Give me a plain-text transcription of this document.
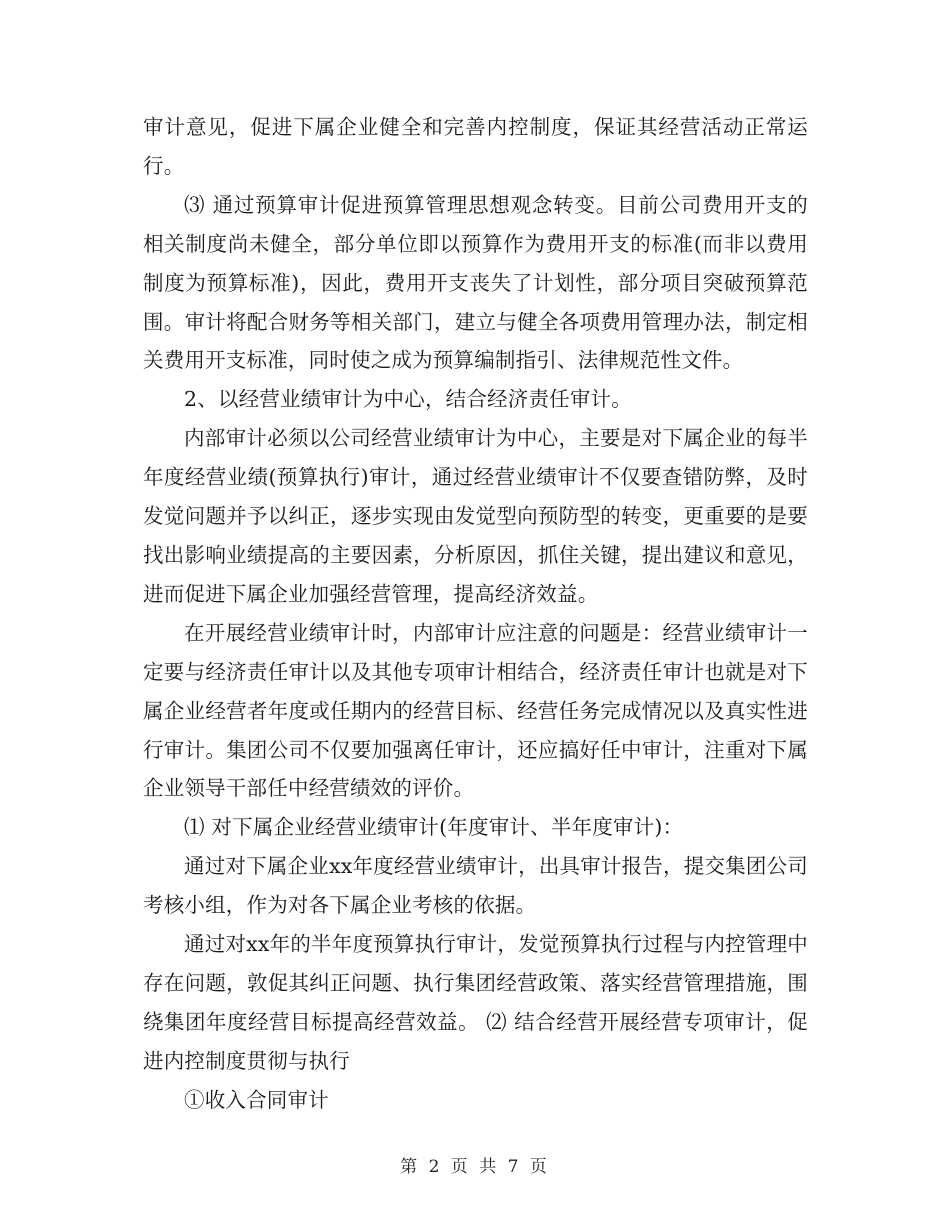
审计意见，促进下属企业健全和完善内控制度，保证其经营活动正常运行。

⑶ 通过预算审计促进预算管理思想观念转变。目前公司费用开支的相关制度尚未健全，部分单位即以预算作为费用开支的标准(而非以费用制度为预算标准)，因此，费用开支丧失了计划性，部分项目突破预算范围。审计将配合财务等相关部门，建立与健全各项费用管理办法，制定相关费用开支标准，同时使之成为预算编制指引、法律规范性文件。

2、以经营业绩审计为中心，结合经济责任审计。

内部审计必须以公司经营业绩审计为中心，主要是对下属企业的每半年度经营业绩(预算执行)审计，通过经营业绩审计不仅要查错防弊，及时发觉问题并予以纠正，逐步实现由发觉型向预防型的转变，更重要的是要找出影响业绩提高的主要因素，分析原因，抓住关键，提出建议和意见，进而促进下属企业加强经营管理，提高经济效益。

在开展经营业绩审计时，内部审计应注意的问题是：经营业绩审计一定要与经济责任审计以及其他专项审计相结合，经济责任审计也就是对下属企业经营者年度或任期内的经营目标、经营任务完成情况以及真实性进行审计。集团公司不仅要加强离任审计，还应搞好任中审计，注重对下属企业领导干部任中经营绩效的评价。

⑴ 对下属企业经营业绩审计(年度审计、半年度审计)：

通过对下属企业xx年度经营业绩审计，出具审计报告，提交集团公司考核小组，作为对各下属企业考核的依据。

通过对xx年的半年度预算执行审计，发觉预算执行过程与内控管理中存在问题，敦促其纠正问题、执行集团经营政策、落实经营管理措施，围绕集团年度经营目标提高经营效益。 ⑵ 结合经营开展经营专项审计，促进内控制度贯彻与执行

①收入合同审计

第 2 页 共 7 页
